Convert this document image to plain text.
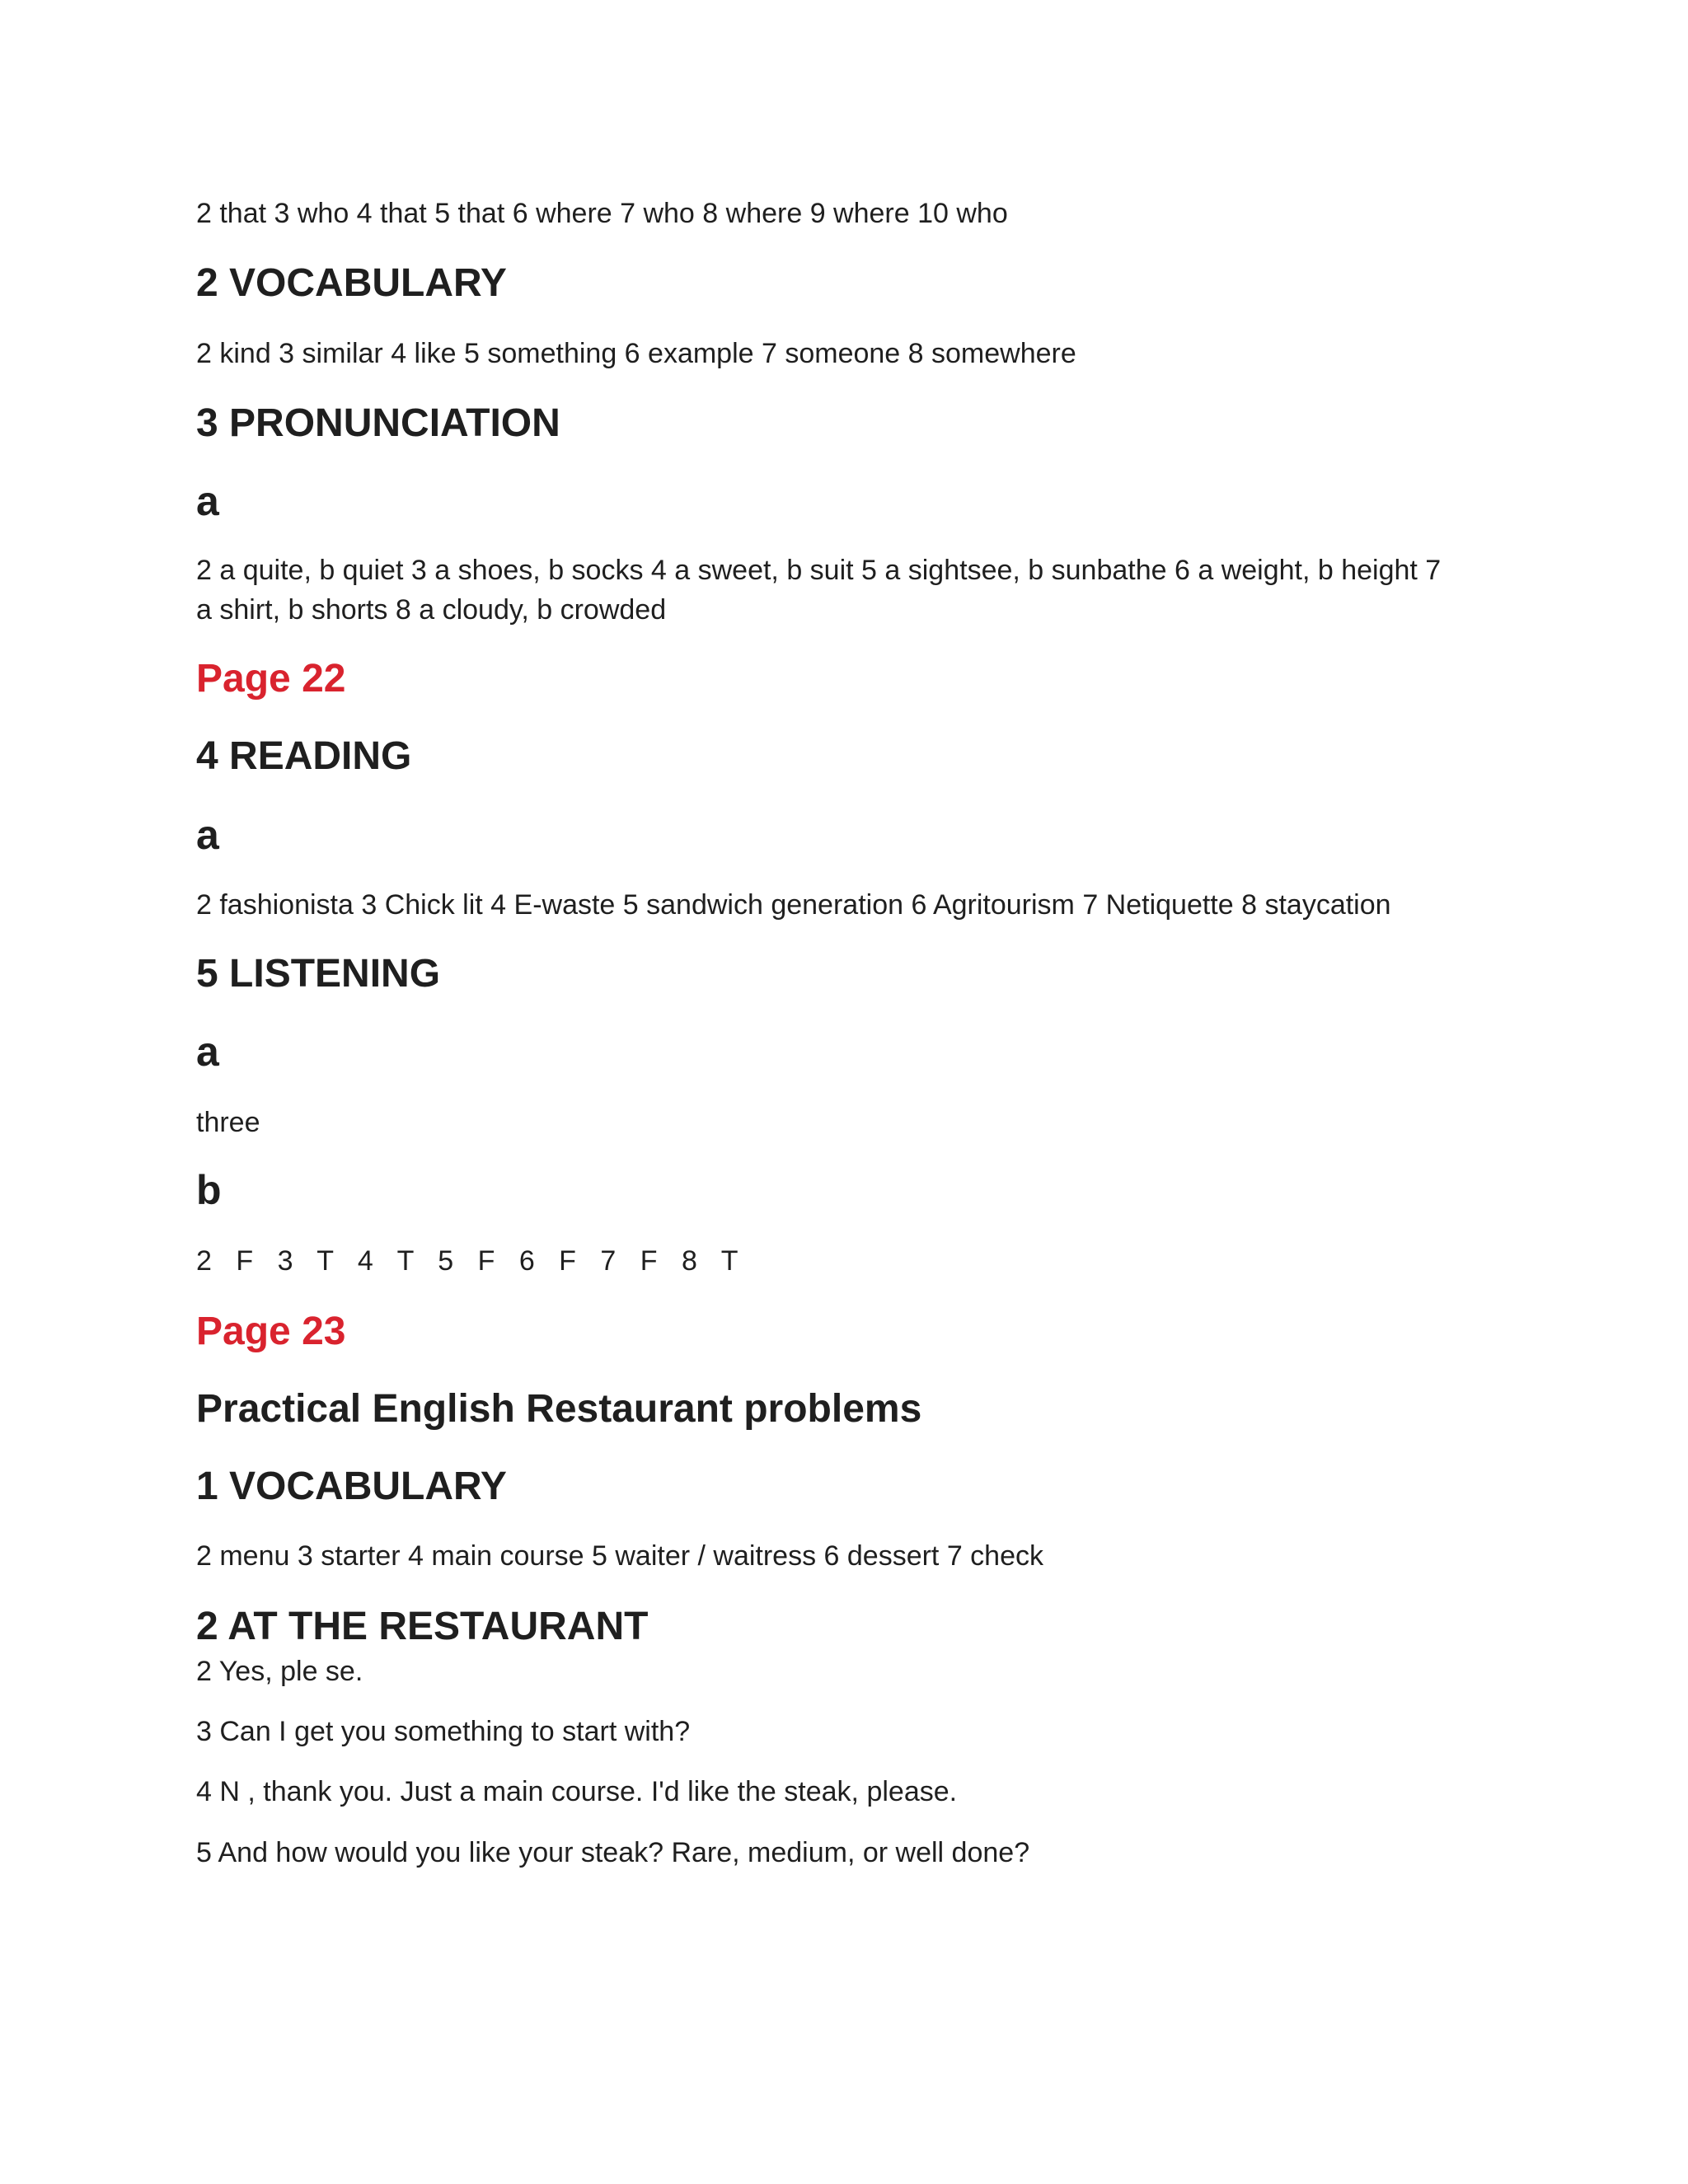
2 that 3 who 4 that 5 that 6 where 7 who 8 where 9 where 10 who

2 VOCABULARY

2 kind 3 similar 4 like 5 something 6 example 7 someone 8 somewhere

3 PRONUNCIATION
a

2 a quite, b quiet 3 a shoes, b socks 4 a sweet, b suit 5 a sightsee, b sunbathe 6 a weight, b height 7 a shirt, b shorts 8 a cloudy, b crowded

Page 22
4 READING
a

2 fashionista 3 Chick lit 4 E-waste 5 sandwich generation 6 Agritourism 7 Netiquette 8 staycation

5 LISTENING
a

three

b

2 F 3 T 4 T 5 F 6 F 7 F 8 T

Page 23
Practical English Restaurant problems
1 VOCABULARY

2 menu 3 starter 4 main course 5 waiter / waitress 6 dessert 7 check

2 AT THE RESTAURANT

2 Yes, ple se.

3 Can I get you something to start with?

4 N , thank you. Just a main course. I'd like the steak, please.

5 And how would you like your steak? Rare, medium, or well done?
